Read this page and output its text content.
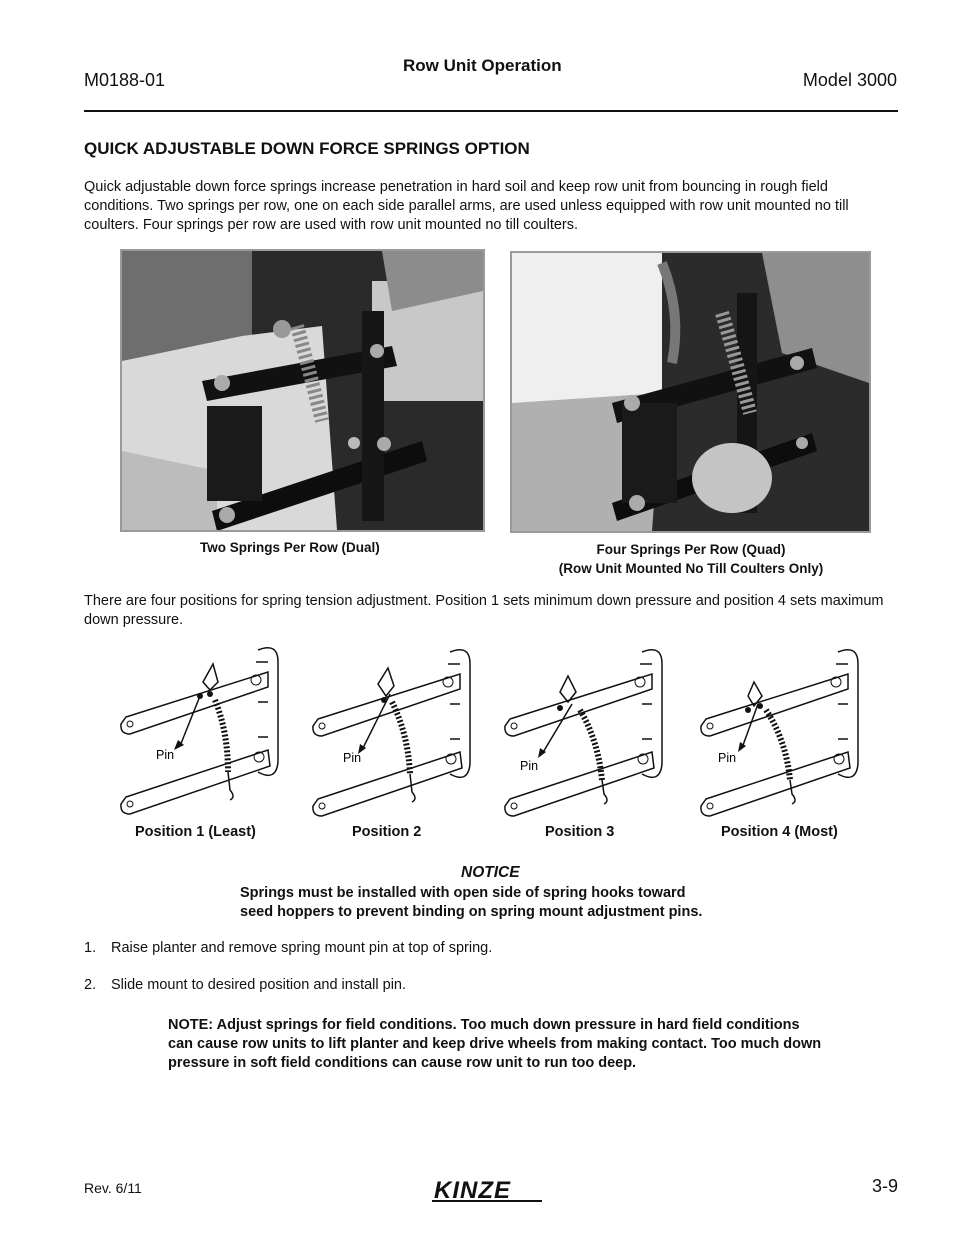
M0188-01
Row Unit Operation
Model 3000
QUICK ADJUSTABLE DOWN FORCE SPRINGS OPTION
Quick adjustable down force springs increase penetration in hard soil and keep row unit from bouncing in rough field conditions. Two springs per row, one on each side parallel arms, are used unless equipped with row unit mounted no till coulters. Four springs per row are used with row unit mounted no till coulters.
Two Springs Per Row (Dual)	Four Springs Per Row (Quad)
(Row Unit Mounted No Till Coulters Only)
There are four positions for spring tension adjustment. Position 1 sets minimum down pressure and position 4 sets maximum down pressure.
Pin
Position 1 (Least)
Pin
Position 2
Pin
Position 3
Pin
Position 4 (Most)
NOTICE
Springs must be installed with open side of spring hooks toward
seed hoppers to prevent binding on spring mount adjustment pins.
1. Raise planter and remove spring mount pin at top of spring.
2. Slide mount to desired position and install pin.
NOTE: Adjust springs for field conditions. Too much down pressure in hard field conditions
can cause row units to lift planter and keep drive wheels from making contact. Too much down
pressure in soft field conditions can cause row unit to run too deep.
Rev. 6/11	KINZE	3-9
